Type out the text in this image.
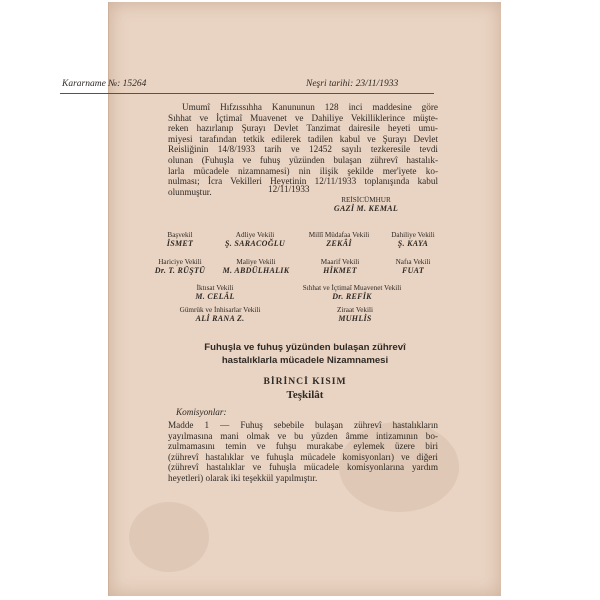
Kararname №: 15264	Neşri tarihi: 23/11/1933
Umumî Hıfzıssıhha Kanununun 128 inci maddesine göre
Sıhhat ve İçtimaî Muavenet ve Dahiliye Vekilliklerince müşte-
reken hazırlanıp Şurayı Devlet Tanzimat dairesile heyeti umu-
miyesi tarafından tetkik edilerek tadilen kabul ve Şurayı Devlet
Reisliğinin 14/8/1933 tarih ve 12452 sayılı tezkeresile tevdi
olunan (Fuhuşla ve fuhuş yüzünden bulaşan zührevî hastalık-
larla mücadele nizamnamesi) nin ilişik şekilde mer'iyete ko-
nulması; İcra Vekilleri Heyetinin 12/11/1933 toplanışında kabul
olunmuştur.	12/11/1933
REİSİCÜMHUR
GAZİ M. KEMAL
Başvekil
İSMET
Adliye Vekili
Ş. SARACOĞLU
Millî Müdafaa Vekili
ZEKÂİ
Dahiliye Vekili
Ş. KAYA
Hariciye Vekili
Dr. T. RÜŞTÜ
Maliye Vekili
M. ABDÜLHALIK
Maarif Vekili
HİKMET
Nafıa Vekili
FUAT
İktısat Vekili
M. CELÂL
Sıhhat ve İçtimaî Muavenet Vekili
Dr. REFİK
Gümrük ve İnhisarlar Vekili
ALİ RANA Z.
Ziraat Vekili
MUHLİS
Fuhuşla ve fuhuş yüzünden bulaşan zührevî
hastalıklarla mücadele Nizamnamesi
BİRİNCİ KISIM
Teşkilât
Komisyonlar:
Madde 1 — Fuhuş sebebile bulaşan zührevî hastalıkların
yayılmasına mani olmak ve bu yüzden âmme intizamının bo-
zulmamasını temin ve fuhşu murakabe eylemek üzere biri
(zührevî hastalıklar ve fuhuşla mücadele komisyonları) ve diğeri
(zührevî hastalıklar ve fuhuşla mücadele komisyonlarına yardım
heyetleri) olarak iki teşekkül yapılmıştır.
